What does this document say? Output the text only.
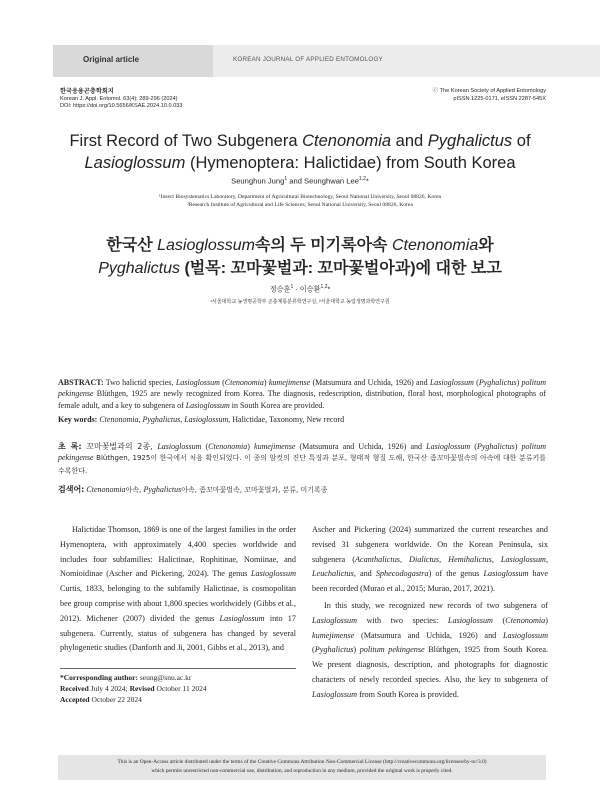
Original article	KOREAN JOURNAL OF APPLIED ENTOMOLOGY
한국응용곤충학회지
Korean J. Appl. Entomol. 63(4): 289-296 (2024)
DOI: https://doi.org/10.5656/KSAE.2024.10.0.033
ⓒ The Korean Society of Applied Entomology
pISSN 1225-0171, eISSN 2287-545X
First Record of Two Subgenera Ctenonomia and Pyghalictus of
Lasioglossum (Hymenoptera: Halictidae) from South Korea
Seunghun Jung$^1$ and Seunghwan Lee$^{1,2}$*
¹Insect Biosystematics Laboratory, Department of Agricultural Biotechnology, Seoul National University, Seoul 08826, Korea
²Research Institute of Agricultural and Life Sciences, Seoul National University, Seoul 08826, Korea
한국산 Lasioglossum속의 두 미기록아속 Ctenonomia와
Pyghalictus (벌목: 꼬마꽃벌과: 꼬마꽃벌아과)에 대한 보고
정승훈$^1$ · 이승환$^{1,2}$*
¹서울대학교 농생명공학부 곤충계통분류학연구실, ²서울대학교 농업생명과학연구원
ABSTRACT: Two halictid species, Lasioglossum (Ctenonomia) kumejimense (Matsumura and Uchida, 1926) and Lasioglossum (Pyghalictus) politum pekingense Blüthgen, 1925 are newly recognized from Korea. The diagnosis, redescription, distribution, floral host, morphological photographs of female adult, and a key to subgenera of Lasioglossum in South Korea are provided.
Key words: Ctenonomia, Pyghalictus, Lasioglossum, Halictidae, Taxonomy, New record
초 록: 꼬마꽃벌과의 2종, Lasioglossum (Ctenonomia) kumejimense (Matsumura and Uchida, 1926) and Lasioglossum (Pyghalictus) politum pekingense Blüthgen, 1925이 한국에서 처음 확인되었다. 이 종의 암컷의 진단 특징과 분포, 형태적 형질 도해, 한국산 좀꼬마꽃벌속의 아속에 대한 분류키를 수록한다.
검색어: Ctenonomia아속, Pyghalictus아속, 좀꼬마꽃벌속, 꼬마꽃벌과, 분류, 미기록종
Halictidae Thomson, 1869 is one of the largest families in the order Hymenoptera, with approximately 4,400 species worldwide and includes four subfamilies: Halictinae, Rophitinae, Nomiinae, and Nomioidinae (Ascher and Pickering, 2024). The genus Lasioglossum Curtis, 1833, belonging to the subfamily Halictinae, is cosmopolitan bee group comprise with about 1,800 species worldwidely (Gibbs et al., 2012). Michener (2007) divided the genus Lasioglossum into 17 subgenera. Currently, status of subgenera has changed by several phylogenetic studies (Danforth and Ji, 2001, Gibbs et al., 2013), and
Ascher and Pickering (2024) summarized the current researches and revised 31 subgenera worldwide. On the Korean Peninsula, six subgenera (Acanthalictus, Dialictus, Hemihalictus, Lasioglossum, Leuchalictus, and Sphecodogastra) of the genus Lasioglossum have been recorded (Murao et al., 2015; Murao, 2017, 2021).
In this study, we recognized new records of two subgenera of Lasioglossum with two species: Lasioglossum (Ctenonomia) kumejimense (Matsumura and Uchida, 1926) and Lasioglossum (Pyghalictus) politum pekingense Blüthgen, 1925 from South Korea. We present diagnosis, description, and photographs for diagnostic characters of newly recorded species. Also, the key to subgenera of Lasioglossum from South Korea is provided.
*Corresponding author: seung@snu.ac.kr
Received July 4 2024; Revised October 11 2024
Accepted October 22 2024
This is an Open-Access article distributed under the terms of the Creative Commons Attribution Non-Commercial License (http://creativecommons.org/licenses/by-nc/3.0)
which permits unrestricted non-commercial use, distribution, and reproduction in any medium, provided the original work is properly cited.
